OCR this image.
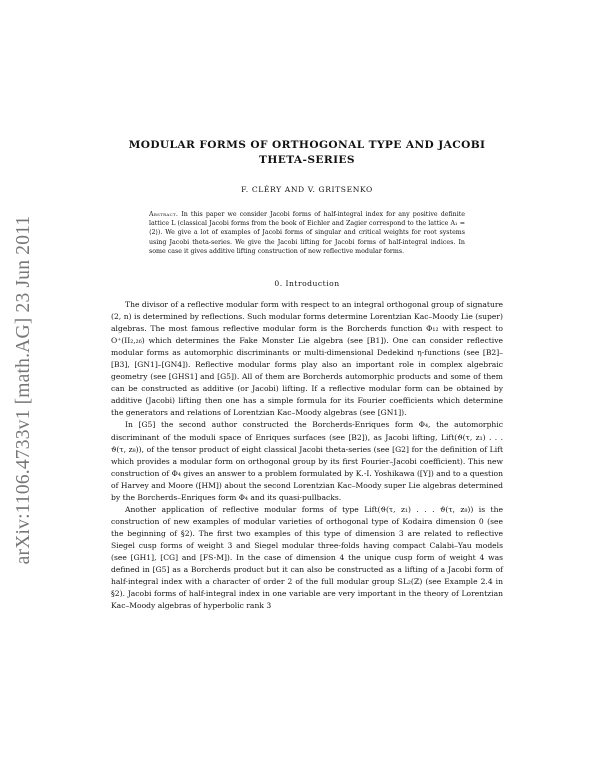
arXiv:1106.4733v1 [math.AG] 23 Jun 2011

MODULAR FORMS OF ORTHOGONAL TYPE AND JACOBI

THETA-SERIES

F. CLÉRY AND V. GRITSENKO

Abstract. In this paper we consider Jacobi forms of half-integral index for any positive definite lattice L (classical Jacobi forms from the book of Eichler and Zagier correspond to the lattice A₁ = ⟨2⟩). We give a lot of examples of Jacobi forms of singular and critical weights for root systems using Jacobi theta-series. We give the Jacobi lifting for Jacobi forms of half-integral indices. In some case it gives additive lifting construction of new reflective modular forms.

0. Introduction

The divisor of a reflective modular form with respect to an integral orthogonal group of signature (2, n) is determined by reflections. Such modular forms determine Lorentzian Kac–Moody Lie (super) algebras. The most famous reflective modular form is the Borcherds function Φ₁₂ with respect to O⁺(II₂,₂₆) which determines the Fake Monster Lie algebra (see [B1]). One can consider reflective modular forms as automorphic discriminants or multi-dimensional Dedekind η-functions (see [B2]–[B3], [GN1]–[GN4]). Reflective modular forms play also an important role in complex algebraic geometry (see [GHS1] and [G5]). All of them are Borcherds automorphic products and some of them can be constructed as additive (or Jacobi) lifting. If a reflective modular form can be obtained by additive (Jacobi) lifting then one has a simple formula for its Fourier coefficients which determine the generators and relations of Lorentzian Kac–Moody algebras (see [GN1]).

In [G5] the second author constructed the Borcherds-Enriques form Φ₄, the automorphic discriminant of the moduli space of Enriques surfaces (see [B2]), as Jacobi lifting, Lift(ϑ(τ, z₁) . . . ϑ(τ, z₈)), of the tensor product of eight classical Jacobi theta-series (see [G2] for the definition of Lift which provides a modular form on orthogonal group by its first Fourier–Jacobi coefficient). This new construction of Φ₄ gives an answer to a problem formulated by K.-I. Yoshikawa ([Y]) and to a question of Harvey and Moore ([HM]) about the second Lorentzian Kac–Moody super Lie algebras determined by the Borcherds–Enriques form Φ₄ and its quasi-pullbacks.

Another application of reflective modular forms of type Lift(ϑ(τ, z₁) . . . ϑ(τ, z₈)) is the construction of new examples of modular varieties of orthogonal type of Kodaira dimension 0 (see the beginning of §2). The first two examples of this type of dimension 3 are related to reflective Siegel cusp forms of weight 3 and Siegel modular three-folds having compact Calabi–Yau models (see [GH1], [CG] and [FS-M]). In the case of dimension 4 the unique cusp form of weight 4 was defined in [G5] as a Borcherds product but it can also be constructed as a lifting of a Jacobi form of half-integral index with a character of order 2 of the full modular group SL₂(ℤ) (see Example 2.4 in §2). Jacobi forms of half-integral index in one variable are very important in the theory of Lorentzian Kac–Moody algebras of hyperbolic rank 3
